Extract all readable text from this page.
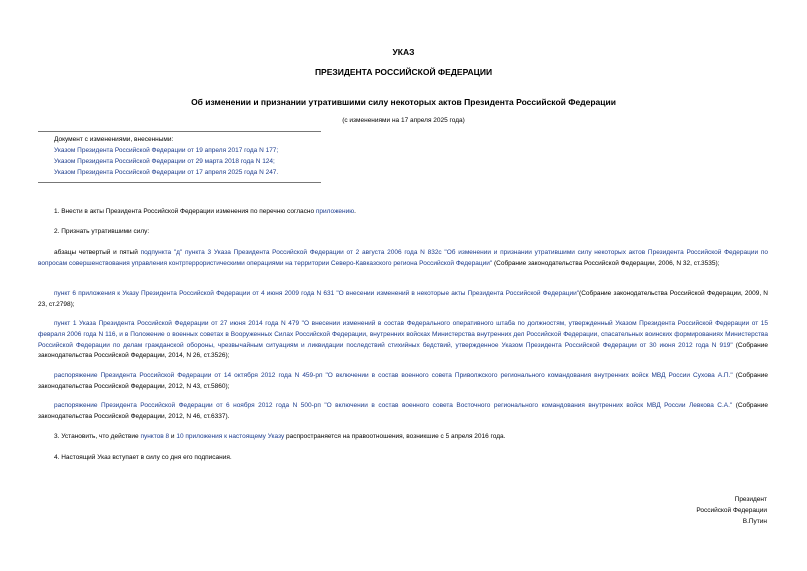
УКАЗ
ПРЕЗИДЕНТА РОССИЙСКОЙ ФЕДЕРАЦИИ
Об изменении и признании утратившими силу некоторых актов Президента Российской Федерации
(с изменениями на 17 апреля 2025 года)
Документ с изменениями, внесенными:
Указом Президента Российской Федерации от 19 апреля 2017 года N 177;
Указом Президента Российской Федерации от 29 марта 2018 года N 124;
Указом Президента Российской Федерации от 17 апреля 2025 года N 247.
1. Внести в акты Президента Российской Федерации изменения по перечню согласно приложению.
2. Признать утратившими силу:
абзацы четвертый и пятый подпункта "д" пункта 3 Указа Президента Российской Федерации от 2 августа 2006 года N 832с "Об изменении и признании утратившими силу некоторых актов Президента Российской Федерации по вопросам совершенствования управления контртеррористическими операциями на территории Северо-Кавказского региона Российской Федерации" (Собрание законодательства Российской Федерации, 2006, N 32, ст.3535);
пункт 6 приложения к Указу Президента Российской Федерации от 4 июня 2009 года N 631 "О внесении изменений в некоторые акты Президента Российской Федерации"(Собрание законодательства Российской Федерации, 2009, N 23, ст.2798);
пункт 1 Указа Президента Российской Федерации от 27 июня 2014 года N 479 "О внесении изменений в состав Федерального оперативного штаба по должностям, утвержденный Указом Президента Российской Федерации от 15 февраля 2006 года N 116, и в Положение о военных советах в Вооруженных Силах Российской Федерации, внутренних войсках Министерства внутренних дел Российской Федерации, спасательных воинских формированиях Министерства Российской Федерации по делам гражданской обороны, чрезвычайным ситуациям и ликвидации последствий стихийных бедствий, утвержденное Указом Президента Российской Федерации от 30 июня 2012 года N 919" (Собрание законодательства Российской Федерации, 2014, N 26, ст.3526);
распоряжение Президента Российской Федерации от 14 октября 2012 года N 459-рп "О включении в состав военного совета Приволжского регионального командования внутренних войск МВД России Сухова А.П." (Собрание законодательства Российской Федерации, 2012, N 43, ст.5860);
распоряжение Президента Российской Федерации от 6 ноября 2012 года N 500-рп "О включении в состав военного совета Восточного регионального командования внутренних войск МВД России Левкова С.А." (Собрание законодательства Российской Федерации, 2012, N 46, ст.6337).
3. Установить, что действие пунктов 8 и 10 приложения к настоящему Указу распространяется на правоотношения, возникшие с 5 апреля 2016 года.
4. Настоящий Указ вступает в силу со дня его подписания.
Президент
Российской Федерации
В.Путин
